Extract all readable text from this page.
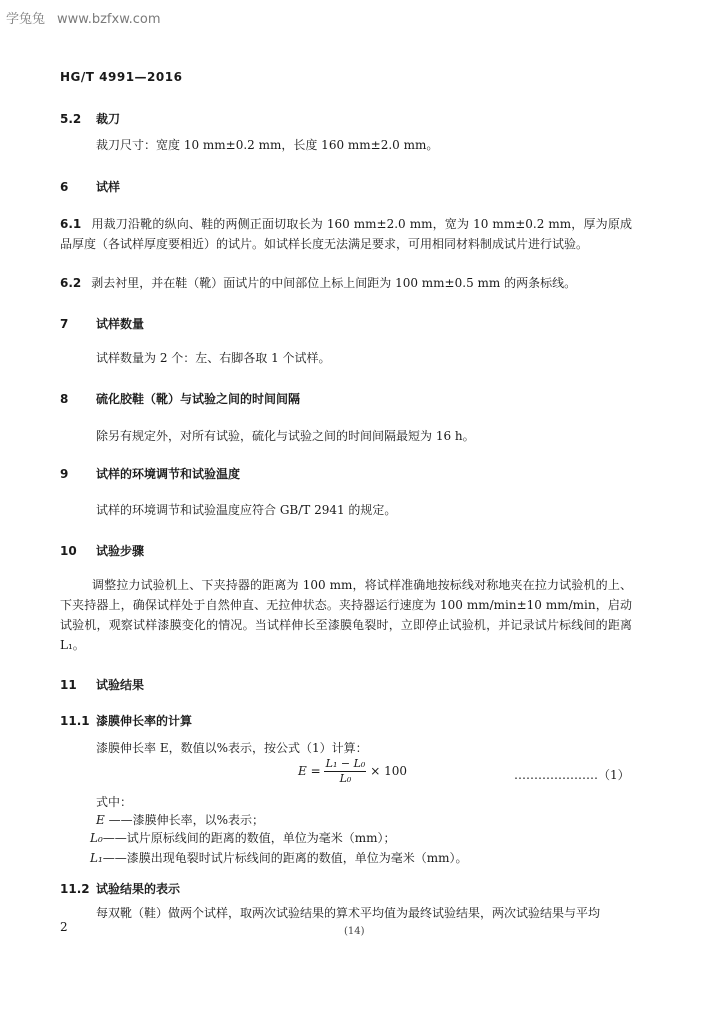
学兔兔 www.bzfxw.com
HG/T 4991—2016
5.2 裁刀
裁刀尺寸：宽度 10 mm±0.2 mm，长度 160 mm±2.0 mm。
6 试样
6.1 用裁刀沿靴的纵向、鞋的两侧正面切取长为 160 mm±2.0 mm，宽为 10 mm±0.2 mm，厚为原成品厚度（各试样厚度要相近）的试片。如试样长度无法满足要求，可用相同材料制成试片进行试验。
6.2 剥去衬里，并在鞋（靴）面试片的中间部位上标上间距为 100 mm±0.5 mm 的两条标线。
7 试样数量
试样数量为 2 个：左、右脚各取 1 个试样。
8 硫化胶鞋（靴）与试验之间的时间间隔
除另有规定外，对所有试验，硫化与试验之间的时间间隔最短为 16 h。
9 试样的环境调节和试验温度
试样的环境调节和试验温度应符合 GB/T 2941 的规定。
10 试验步骤
调整拉力试验机上、下夹持器的距离为 100 mm，将试样准确地按标线对称地夹在拉力试验机的上、下夹持器上，确保试样处于自然伸直、无拉伸状态。夹持器运行速度为 100 mm/min±10 mm/min，启动试验机，观察试样漆膜变化的情况。当试样伸长至漆膜龟裂时，立即停止试验机，并记录试片标线间的距离 L₁。
11 试验结果
11.1 漆膜伸长率的计算
漆膜伸长率 E，数值以%表示，按公式（1）计算：
$E = \frac{\text{L₁ − L₀}}{\text{L₀}} \times 100$	…………………（1）
式中：
E ——漆膜伸长率，以%表示；
L₀——试片原标线间的距离的数值，单位为毫米（mm）；
L₁——漆膜出现龟裂时试片标线间的距离的数值，单位为毫米（mm）。
11.2 试验结果的表示
每双靴（鞋）做两个试样，取两次试验结果的算术平均值为最终试验结果，两次试验结果与平均
2	(14)
